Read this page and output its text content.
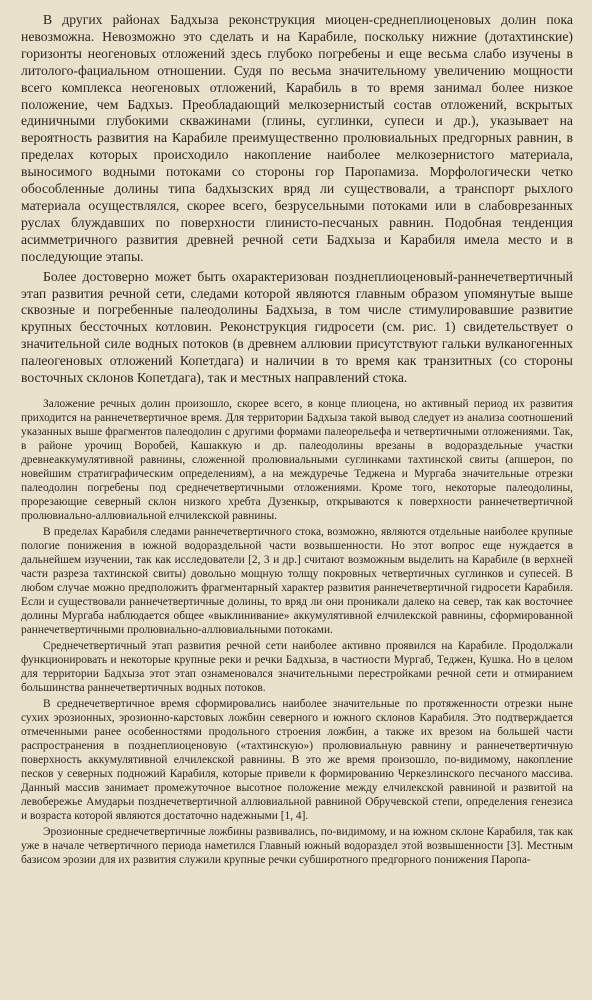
В других районах Бадхыза реконструкция миоцен-среднеплиоценовых долин пока невозможна. Невозможно это сделать и на Карабиле, поскольку нижние (дотахтинские) горизонты неогеновых отложений здесь глубоко погребены и еще весьма слабо изучены в литолого-фациальном отношении. Судя по весьма значительному увеличению мощности всего комплекса неогеновых отложений, Карабиль в то время занимал более низкое положение, чем Бадхыз. Преобладающий мелкозернистый состав отложений, вскрытых единичными глубокими скважинами (глины, суглинки, супеси и др.), указывает на вероятность развития на Карабиле преимущественно пролювиальных предгорных равнин, в пределах которых происходило накопление наиболее мелкозернистого материала, выносимого водными потоками со стороны гор Паропамиза. Морфологически четко обособленные долины типа бадхызских вряд ли существовали, а транспорт рыхлого материала осуществлялся, скорее всего, безрусельными потоками или в слабоврезанных руслах блуждавших по поверхности глинисто-песчаных равнин. Подобная тенденция асимметричного развития древней речной сети Бадхыза и Карабиля имела место и в последующие этапы.

Более достоверно может быть охарактеризован позднеплиоценовый-раннечетвертичный этап развития речной сети, следами которой являются главным образом упомянутые выше сквозные и погребенные палеодолины Бадхыза, в том числе стимулировавшие развитие крупных бессточных котловин. Реконструкция гидросети (см. рис. 1) свидетельствует о значительной силе водных потоков (в древнем аллювии присутствуют гальки вулканогенных палеогеновых отложений Копетдага) и наличии в то время как транзитных (со стороны восточных склонов Копетдага), так и местных направлений стока.

Заложение речных долин произошло, скорее всего, в конце плиоцена, но активный период их развития приходится на раннечетвертичное время. Для территории Бадхыза такой вывод следует из анализа соотношений указанных выше фрагментов палеодолин с другими формами палеорельефа и четвертичными отложениями. Так, в районе урочищ Воробей, Кашаккую и др. палеодолины врезаны в водораздельные участки древнеаккумулятивной равнины, сложенной пролювиальными суглинками тахтинской свиты (апшерон, по новейшим стратиграфическим определениям), а на междуречье Теджена и Мургаба значительные отрезки палеодолин погребены под среднечетвертичными отложениями. Кроме того, некоторые палеодолины, прорезающие северный склон низкого хребта Дузенкыр, открываются к поверхности раннечетвертичной пролювиально-аллювиальной елчилекской равнины.

В пределах Карабиля следами раннечетвертичного стока, возможно, являются отдельные наиболее крупные пологие понижения в южной водораздельной части возвышенности. Но этот вопрос еще нуждается в дальнейшем изучении, так как исследователи [2, 3 и др.] считают возможным выделить на Карабиле (в верхней части разреза тахтинской свиты) довольно мощную толщу покровных четвертичных суглинков и супесей. В любом случае можно предположить фрагментарный характер развития раннечетвертичной гидросети Карабиля. Если и существовали раннечетвертичные долины, то вряд ли они проникали далеко на север, так как восточнее долины Мургаба наблюдается общее «выклинивание» аккумулятивной елчилекской равнины, сформированной раннечетвертичными пролювиально-аллювиальными потоками.

Среднечетвертичный этап развития речной сети наиболее активно проявился на Карабиле. Продолжали функционировать и некоторые крупные реки и речки Бадхыза, в частности Мургаб, Теджен, Кушка. Но в целом для территории Бадхыза этот этап ознаменовался значительными перестройками речной сети и отмиранием большинства раннечетвертичных водных потоков.

В среднечетвертичное время сформировались наиболее значительные по протяженности отрезки ныне сухих эрозионных, эрозионно-карстовых ложбин северного и южного склонов Карабиля. Это подтверждается отмеченными ранее особенностями продольного строения ложбин, а также их врезом на большей части распространения в позднеплиоценовую («тахтинскую») пролювиальную равнину и раннечетвертичную поверхность аккумулятивной елчилекской равнины. В это же время произошло, по-видимому, накопление песков у северных подножий Карабиля, которые привели к формированию Черкезлинского песчаного массива. Данный массив занимает промежуточное высотное положение между елчилекской равниной и развитой на левобережье Амударьи позднечетвертичной аллювиальной равниной Обручевской степи, определения генезиса и возраста которой являются достаточно надежными [1, 4].

Эрозионные среднечетвертичные ложбины развивались, по-видимому, и на южном склоне Карабиля, так как уже в начале четвертичного периода наметился Главный южный водораздел этой возвышенности [3]. Местным базисом эрозии для их развития служили крупные речки субширотного предгорного понижения Паропа-
